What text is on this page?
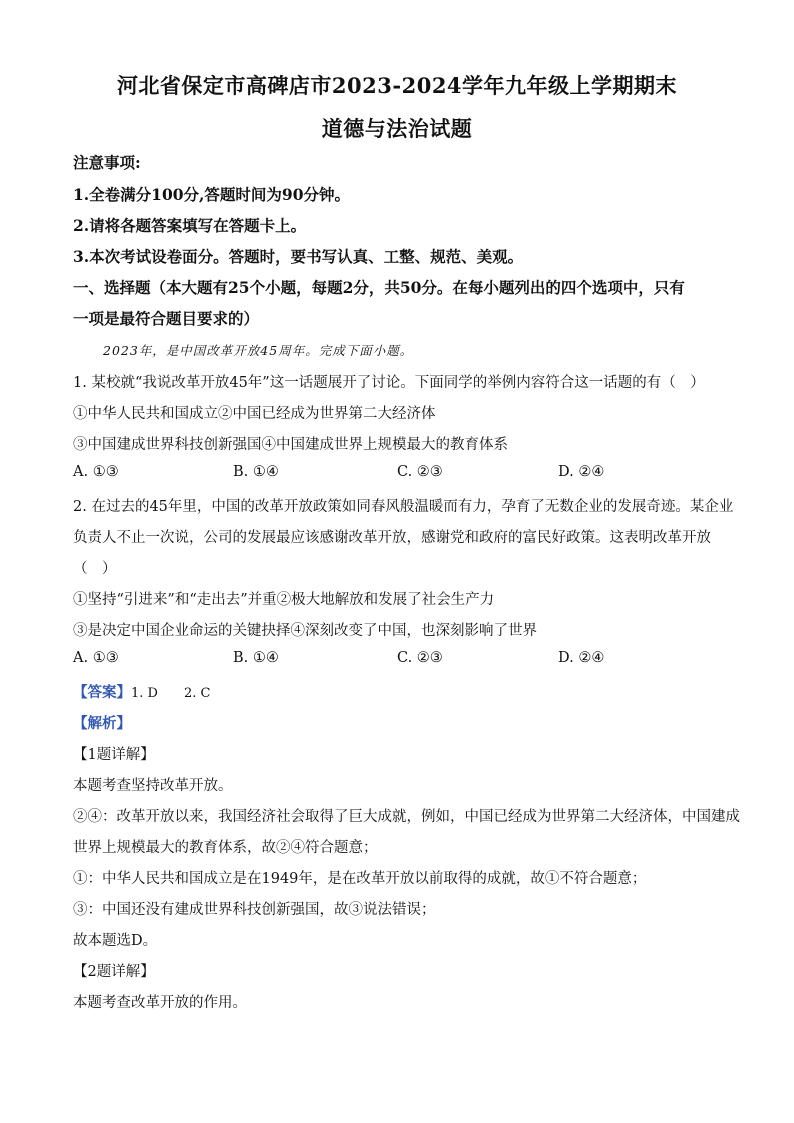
河北省保定市高碑店市2023-2024学年九年级上学期期末
道德与法治试题
注意事项:
1.全卷满分100分,答题时间为90分钟。
2.请将各题答案填写在答题卡上。
3.本次考试设卷面分。答题时，要书写认真、工整、规范、美观。
一、选择题（本大题有25个小题，每题2分，共50分。在每小题列出的四个选项中，只有
一项是最符合题目要求的）
2023年，是中国改革开放45周年。完成下面小题。
1. 某校就“我说改革开放45年”这一话题展开了讨论。下面同学的举例内容符合这一话题的有（　）
①中华人民共和国成立②中国已经成为世界第二大经济体
③中国建成世界科技创新强国④中国建成世界上规模最大的教育体系
A. ①③	B. ①④	C. ②③	D. ②④
2. 在过去的45年里，中国的改革开放政策如同春风般温暖而有力，孕育了无数企业的发展奇迹。某企业
负责人不止一次说，公司的发展最应该感谢改革开放，感谢党和政府的富民好政策。这表明改革开放
（　）
①坚持“引进来”和“走出去”并重②极大地解放和发展了社会生产力
③是决定中国企业命运的关键抉择④深刻改变了中国，也深刻影响了世界
A. ①③	B. ①④	C. ②③	D. ②④
【答案】1. D 2. C
【解析】
【1题详解】
本题考查坚持改革开放。
②④：改革开放以来，我国经济社会取得了巨大成就，例如，中国已经成为世界第二大经济体，中国建成
世界上规模最大的教育体系，故②④符合题意；
①：中华人民共和国成立是在1949年，是在改革开放以前取得的成就，故①不符合题意；
③：中国还没有建成世界科技创新强国，故③说法错误；
故本题选D。
【2题详解】
本题考查改革开放的作用。
